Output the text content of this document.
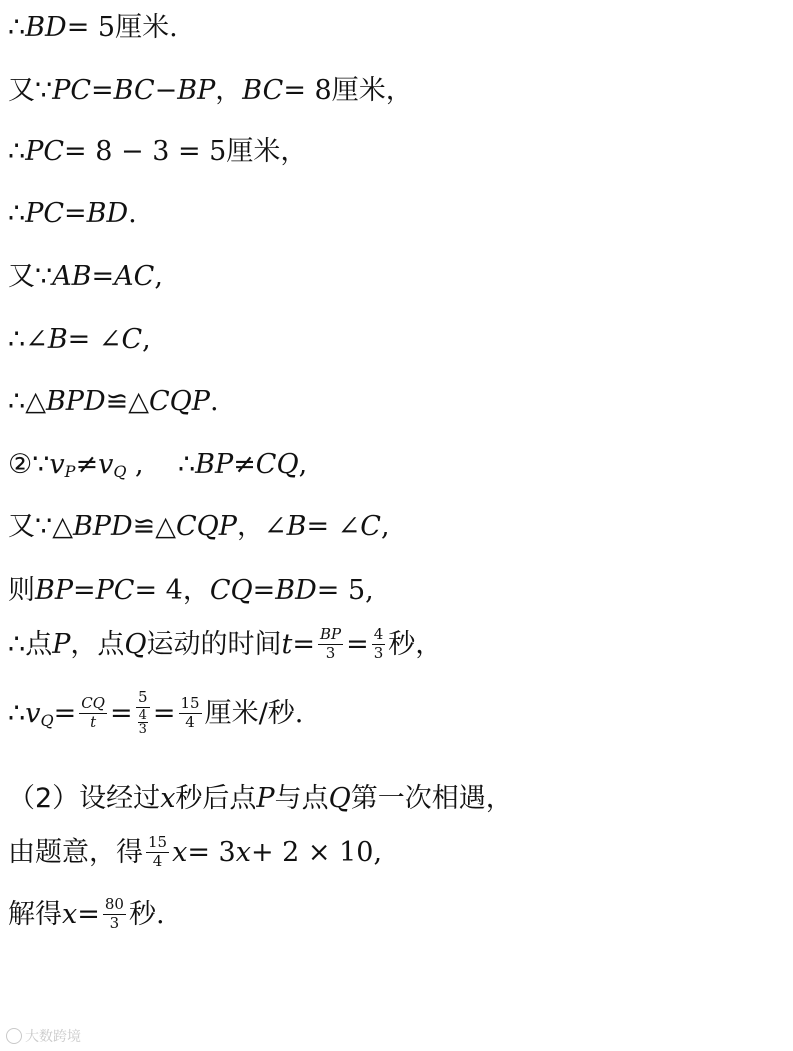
∴ BD = 5 厘米 .
又 ∵ PC = BC − BP ， BC = 8 厘米 ，
∴ PC = 8 − 3 = 5 厘米 ，
∴ PC = BD .
又 ∵ AB = AC ,
∴ ∠ B = ∠ C ,
∴ △ BPD ≌△ CQP .
② ∵ v P ≠ v Q , ∴ BP ≠ CQ ,
又 ∵ △ BPD ≌△ CQP ， ∠ B = ∠ C ,
则 BP = PC = 4 ， CQ = BD = 5 ,
∴ 点 P ， 点 Q 运动的时间 $t = \frac{BP}{3} = \frac{4}{3}$ 秒 ，
∴ v $Q = \frac{CQ}{t} = \frac{5}{\frac{4}{3}} = \frac{15}{4}$ 厘米/秒 .
（2）设经过 x 秒后点 P 与点 Q 第一次相遇 ，
由题意，得 $\frac{15}{4}$ x = 3 x + 2 × 10 ,
解得 $x = \frac{80}{3}$ 秒 .
大数跨境
